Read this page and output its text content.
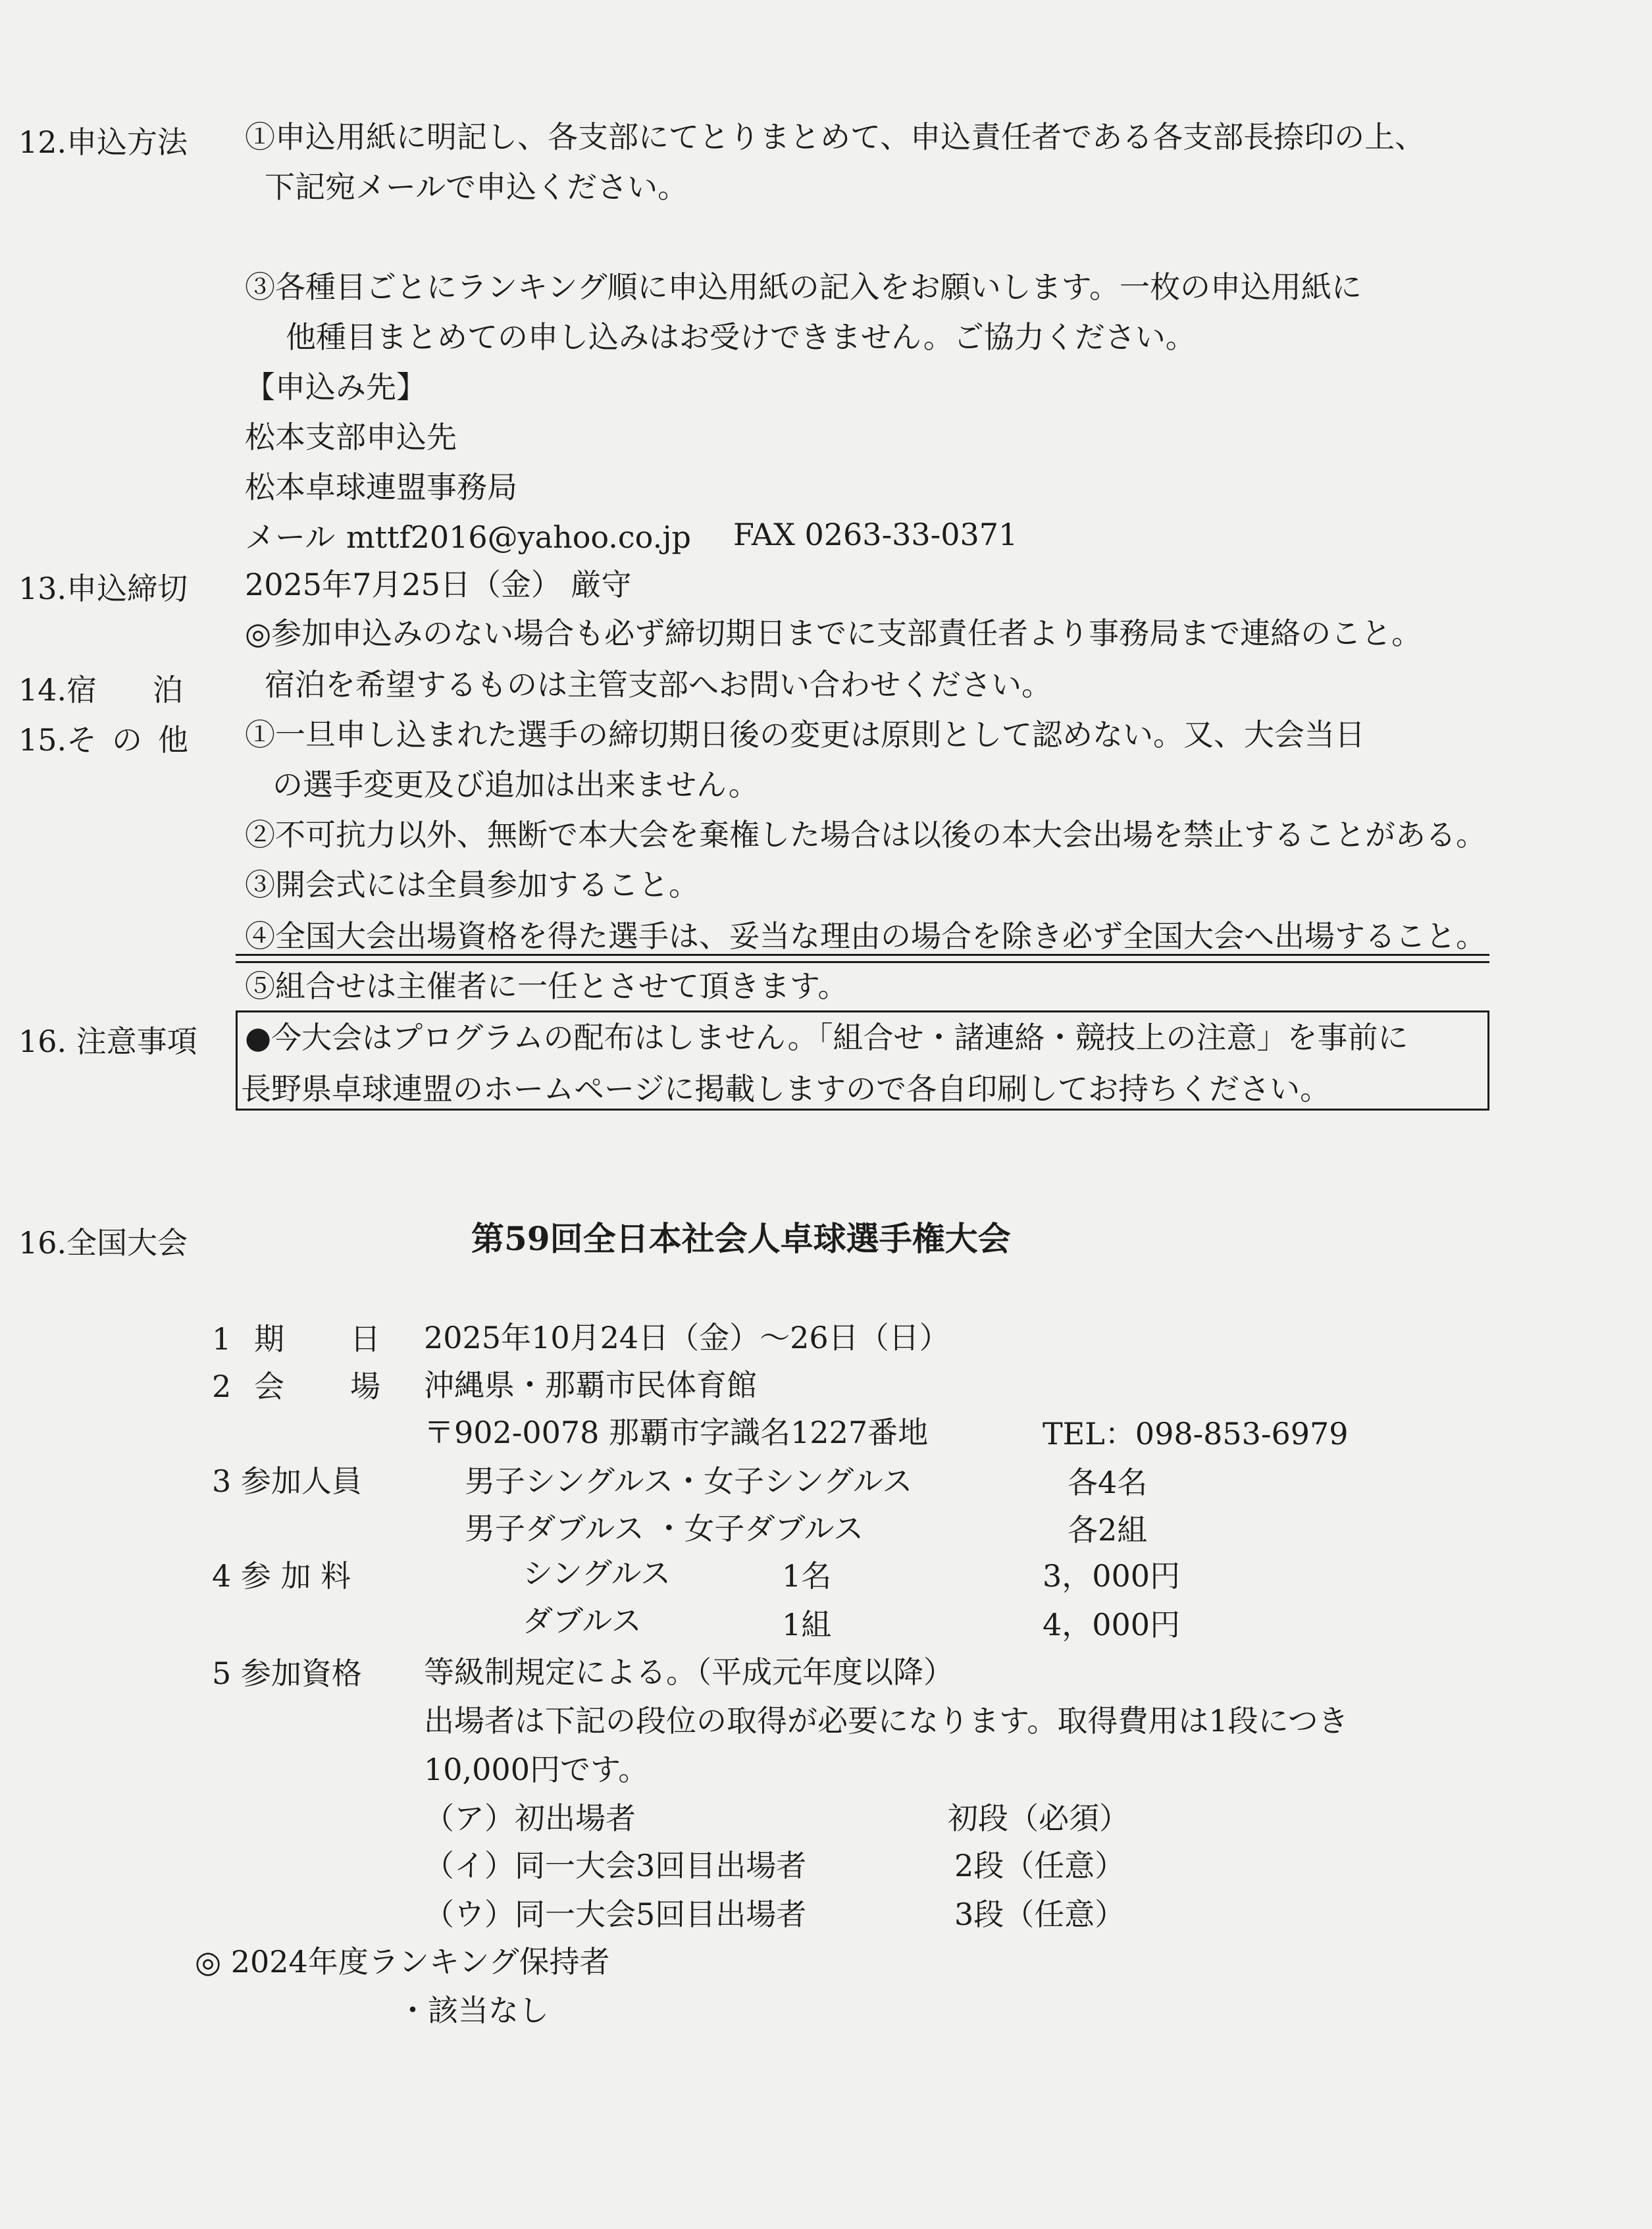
12.申込方法 ①申込用紙に明記し、各支部にてとりまとめて、申込責任者である各支部長捺印の上、
下記宛メールで申込ください。
③各種目ごとにランキング順に申込用紙の記入をお願いします。一枚の申込用紙に
他種目まとめての申し込みはお受けできません。ご協力ください。
【申込み先】
松本支部申込先
松本卓球連盟事務局
メール mttf2016@yahoo.co.jp FAX 0263-33-0371
13.申込締切 2025年7月25日（金） 厳守
◎参加申込みのない場合も必ず締切期日までに支部責任者より事務局まで連絡のこと。
14.宿 泊	宿泊を希望するものは主管支部へお問い合わせください。
15.そ の 他 ①一旦申し込まれた選手の締切期日後の変更は原則として認めない。又、大会当日
の選手変更及び追加は出来ません。
②不可抗力以外、無断で本大会を棄権した場合は以後の本大会出場を禁止することがある。
③開会式には全員参加すること。
④全国大会出場資格を得た選手は、妥当な理由の場合を除き必ず全国大会へ出場すること。
⑤組合せは主催者に一任とさせて頂きます。
16. 注意事項 ●今大会はプログラムの配布はしません。「組合せ・諸連絡・競技上の注意」を事前に
長野県卓球連盟のホームページに掲載しますので各自印刷してお持ちください。
16.全国大会	第59回全日本社会人卓球選手権大会
1 期 日 2025年10月24日（金）～26日（日）
2 会 場 沖縄県・那覇市民体育館
〒902-0078 那覇市字識名1227番地	TEL：098-853-6979
3 参加人員	男子シングルス・女子シングルス	各4名
男子ダブルス ・女子ダブルス	各2組
4 参 加 料	シングルス	1名	3，000円
ダブルス	1組	4，000円
5 参加資格 等級制規定による。（平成元年度以降）
出場者は下記の段位の取得が必要になります。取得費用は1段につき
10,000円です。
（ア）初出場者	初段（必須）
（イ）同一大会3回目出場者	2段（任意）
（ウ）同一大会5回目出場者	3段（任意）
◎ 2024年度ランキング保持者
・該当なし
